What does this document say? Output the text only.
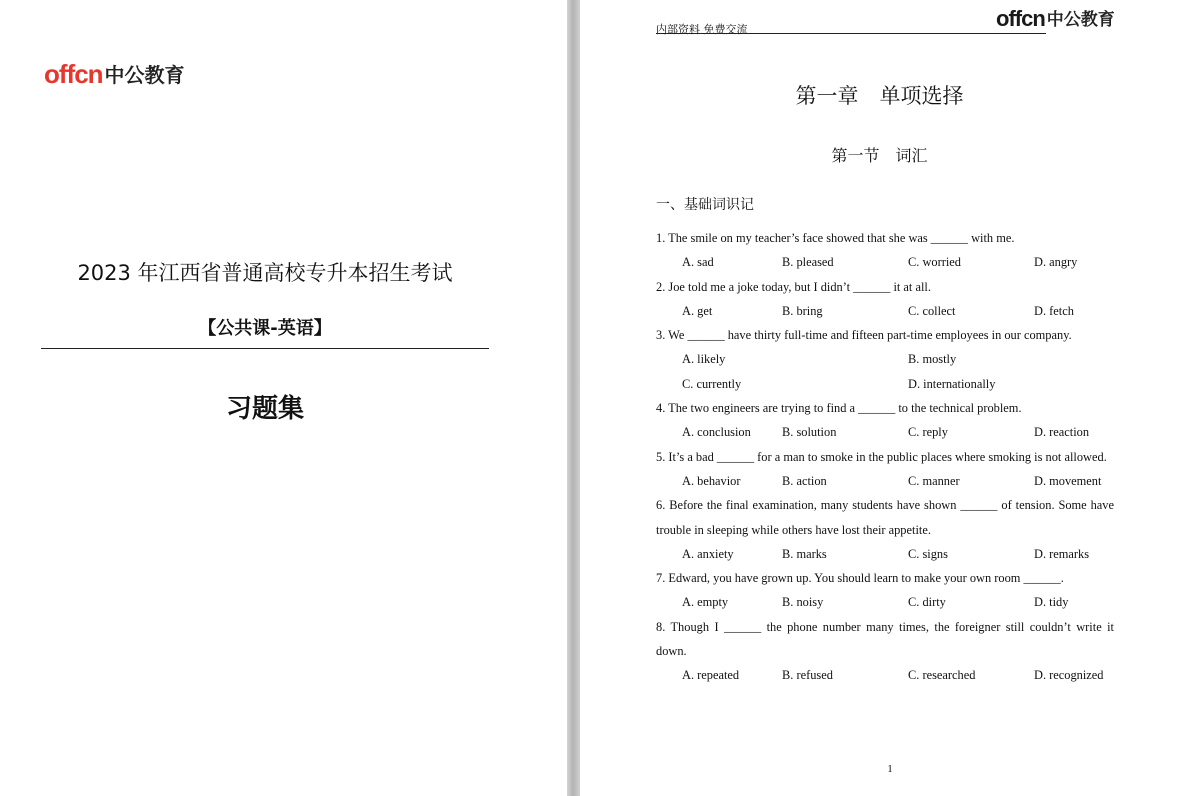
offcn 中公教育
2023 年江西省普通高校专升本招生考试
【公共课-英语】
习题集
内部资料 免费交流	offcn 中公教育
第一章　单项选择
第一节　词汇
一、基础词识记
1. The smile on my teacher’s face showed that she was ______ with me.
A. sad	B. pleased	C. worried	D. angry
2. Joe told me a joke today, but I didn’t ______ it at all.
A. get	B. bring	C. collect	D. fetch
3. We ______ have thirty full-time and fifteen part-time employees in our company.
A. likely	B. mostly
C. currently	D. internationally
4. The two engineers are trying to find a ______ to the technical problem.
A. conclusion	B. solution	C. reply	D. reaction
5. It’s a bad ______ for a man to smoke in the public places where smoking is not allowed.
A. behavior	B. action	C. manner	D. movement
6. Before the final examination, many students have shown ______ of tension. Some have trouble in sleeping while others have lost their appetite.
A. anxiety	B. marks	C. signs	D. remarks
7. Edward, you have grown up. You should learn to make your own room ______.
A. empty	B. noisy	C. dirty	D. tidy
8. Though I ______ the phone number many times, the foreigner still couldn’t write it down.
A. repeated	B. refused	C. researched	D. recognized
1
